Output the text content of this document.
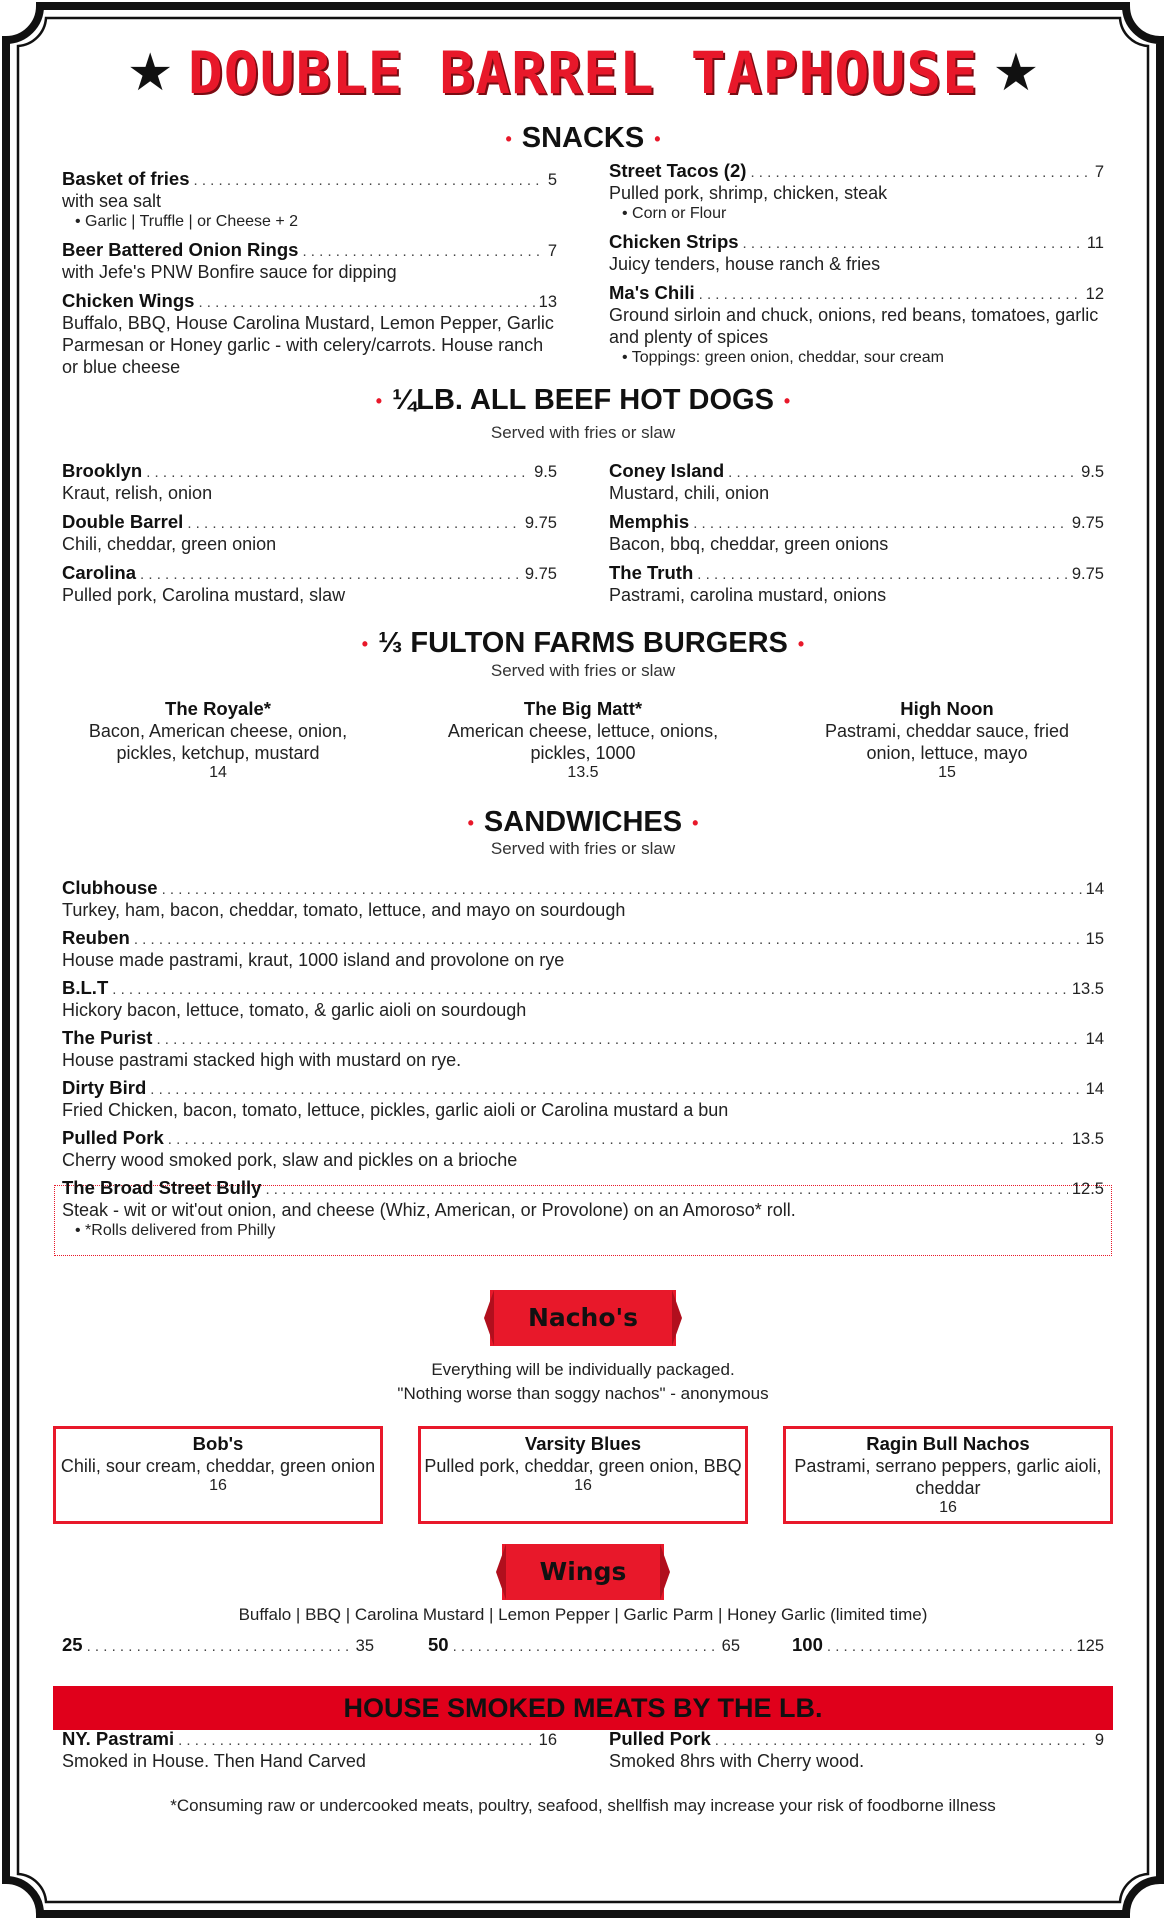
★ DOUBLE BARREL TAPHOUSE ★
• SNACKS •
Basket of fries . . .	5
with sea salt
• Garlic | Truffle | or Cheese + 2
Beer Battered Onion Rings . . .	7
with Jefe's PNW Bonfire sauce for dipping
Chicken Wings . . .	13
Buffalo, BBQ, House Carolina Mustard, Lemon Pepper, Garlic Parmesan or Honey garlic - with celery/carrots. House ranch or blue cheese
Street Tacos (2) . . .	7
Pulled pork, shrimp, chicken, steak
• Corn or Flour
Chicken Strips . . .	11
Juicy tenders, house ranch & fries
Ma's Chili . . .	12
Ground sirloin and chuck, onions, red beans, tomatoes, garlic and plenty of spices
• Toppings: green onion, cheddar, sour cream
• ¼LB. ALL BEEF HOT DOGS •
Served with fries or slaw
Brooklyn . . .	9.5
Kraut, relish, onion
Double Barrel . . .	9.75
Chili, cheddar, green onion
Carolina . . .	9.75
Pulled pork, Carolina mustard, slaw
Coney Island . . .	9.5
Mustard, chili, onion
Memphis . . .	9.75
Bacon, bbq, cheddar, green onions
The Truth . . .	9.75
Pastrami, carolina mustard, onions
• ⅓ FULTON FARMS BURGERS •
Served with fries or slaw
The Royale*
Bacon, American cheese, onion, pickles, ketchup, mustard
14
The Big Matt*
American cheese, lettuce, onions, pickles, 1000
13.5
High Noon
Pastrami, cheddar sauce, fried onion, lettuce, mayo
15
• SANDWICHES •
Served with fries or slaw
Clubhouse . . .	14
Turkey, ham, bacon, cheddar, tomato, lettuce, and mayo on sourdough
Reuben . . .	15
House made pastrami, kraut, 1000 island and provolone on rye
B.L.T . . .	13.5
Hickory bacon, lettuce, tomato, & garlic aioli on sourdough
The Purist . . .	14
House pastrami stacked high with mustard on rye.
Dirty Bird . . .	14
Fried Chicken, bacon, tomato, lettuce, pickles, garlic aioli or Carolina mustard a bun
Pulled Pork . . .	13.5
Cherry wood smoked pork, slaw and pickles on a brioche
The Broad Street Bully . . .	12.5
Steak - wit or wit'out onion, and cheese (Whiz, American, or Provolone) on an Amoroso* roll.
• *Rolls delivered from Philly
Nacho's
Everything will be individually packaged.
"Nothing worse than soggy nachos" - anonymous
Bob's
Chili, sour cream, cheddar, green onion
16
Varsity Blues
Pulled pork, cheddar, green onion, BBQ
16
Ragin Bull Nachos
Pastrami, serrano peppers, garlic aioli, cheddar
16
Wings
Buffalo | BBQ | Carolina Mustard | Lemon Pepper | Garlic Parm | Honey Garlic (limited time)
25 . . .	35	50 . . .	65	100 . . .	125
HOUSE SMOKED MEATS BY THE LB.
NY. Pastrami . . .	16
Smoked in House. Then Hand Carved
Pulled Pork . . .	9
Smoked 8hrs with Cherry wood.
*Consuming raw or undercooked meats, poultry, seafood, shellfish may increase your risk of foodborne illness
